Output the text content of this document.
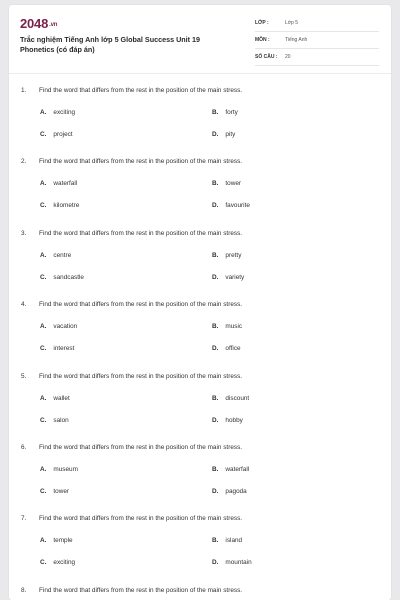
2048.vn
Trắc nghiệm Tiếng Anh lớp 5 Global Success Unit 19 Phonetics (có đáp án)
LỚP :	Lớp 5
MÔN :	Tiếng Anh
SỐ CÂU : 20
1. Find the word that differs from the rest in the position of the main stress.
A. exciting	B. forty
C. project	D. pity
2. Find the word that differs from the rest in the position of the main stress.
A. waterfall	B. tower
C. kilometre	D. favourite
3. Find the word that differs from the rest in the position of the main stress.
A. centre	B. pretty
C. sandcastle	D. variety
4. Find the word that differs from the rest in the position of the main stress.
A. vacation	B. music
C. interest	D. office
5. Find the word that differs from the rest in the position of the main stress.
A. wallet	B. discount
C. salon	D. hobby
6. Find the word that differs from the rest in the position of the main stress.
A. museum	B. waterfall
C. tower	D. pagoda
7. Find the word that differs from the rest in the position of the main stress.
A. temple	B. island
C. exciting	D. mountain
8. Find the word that differs from the rest in the position of the main stress.
